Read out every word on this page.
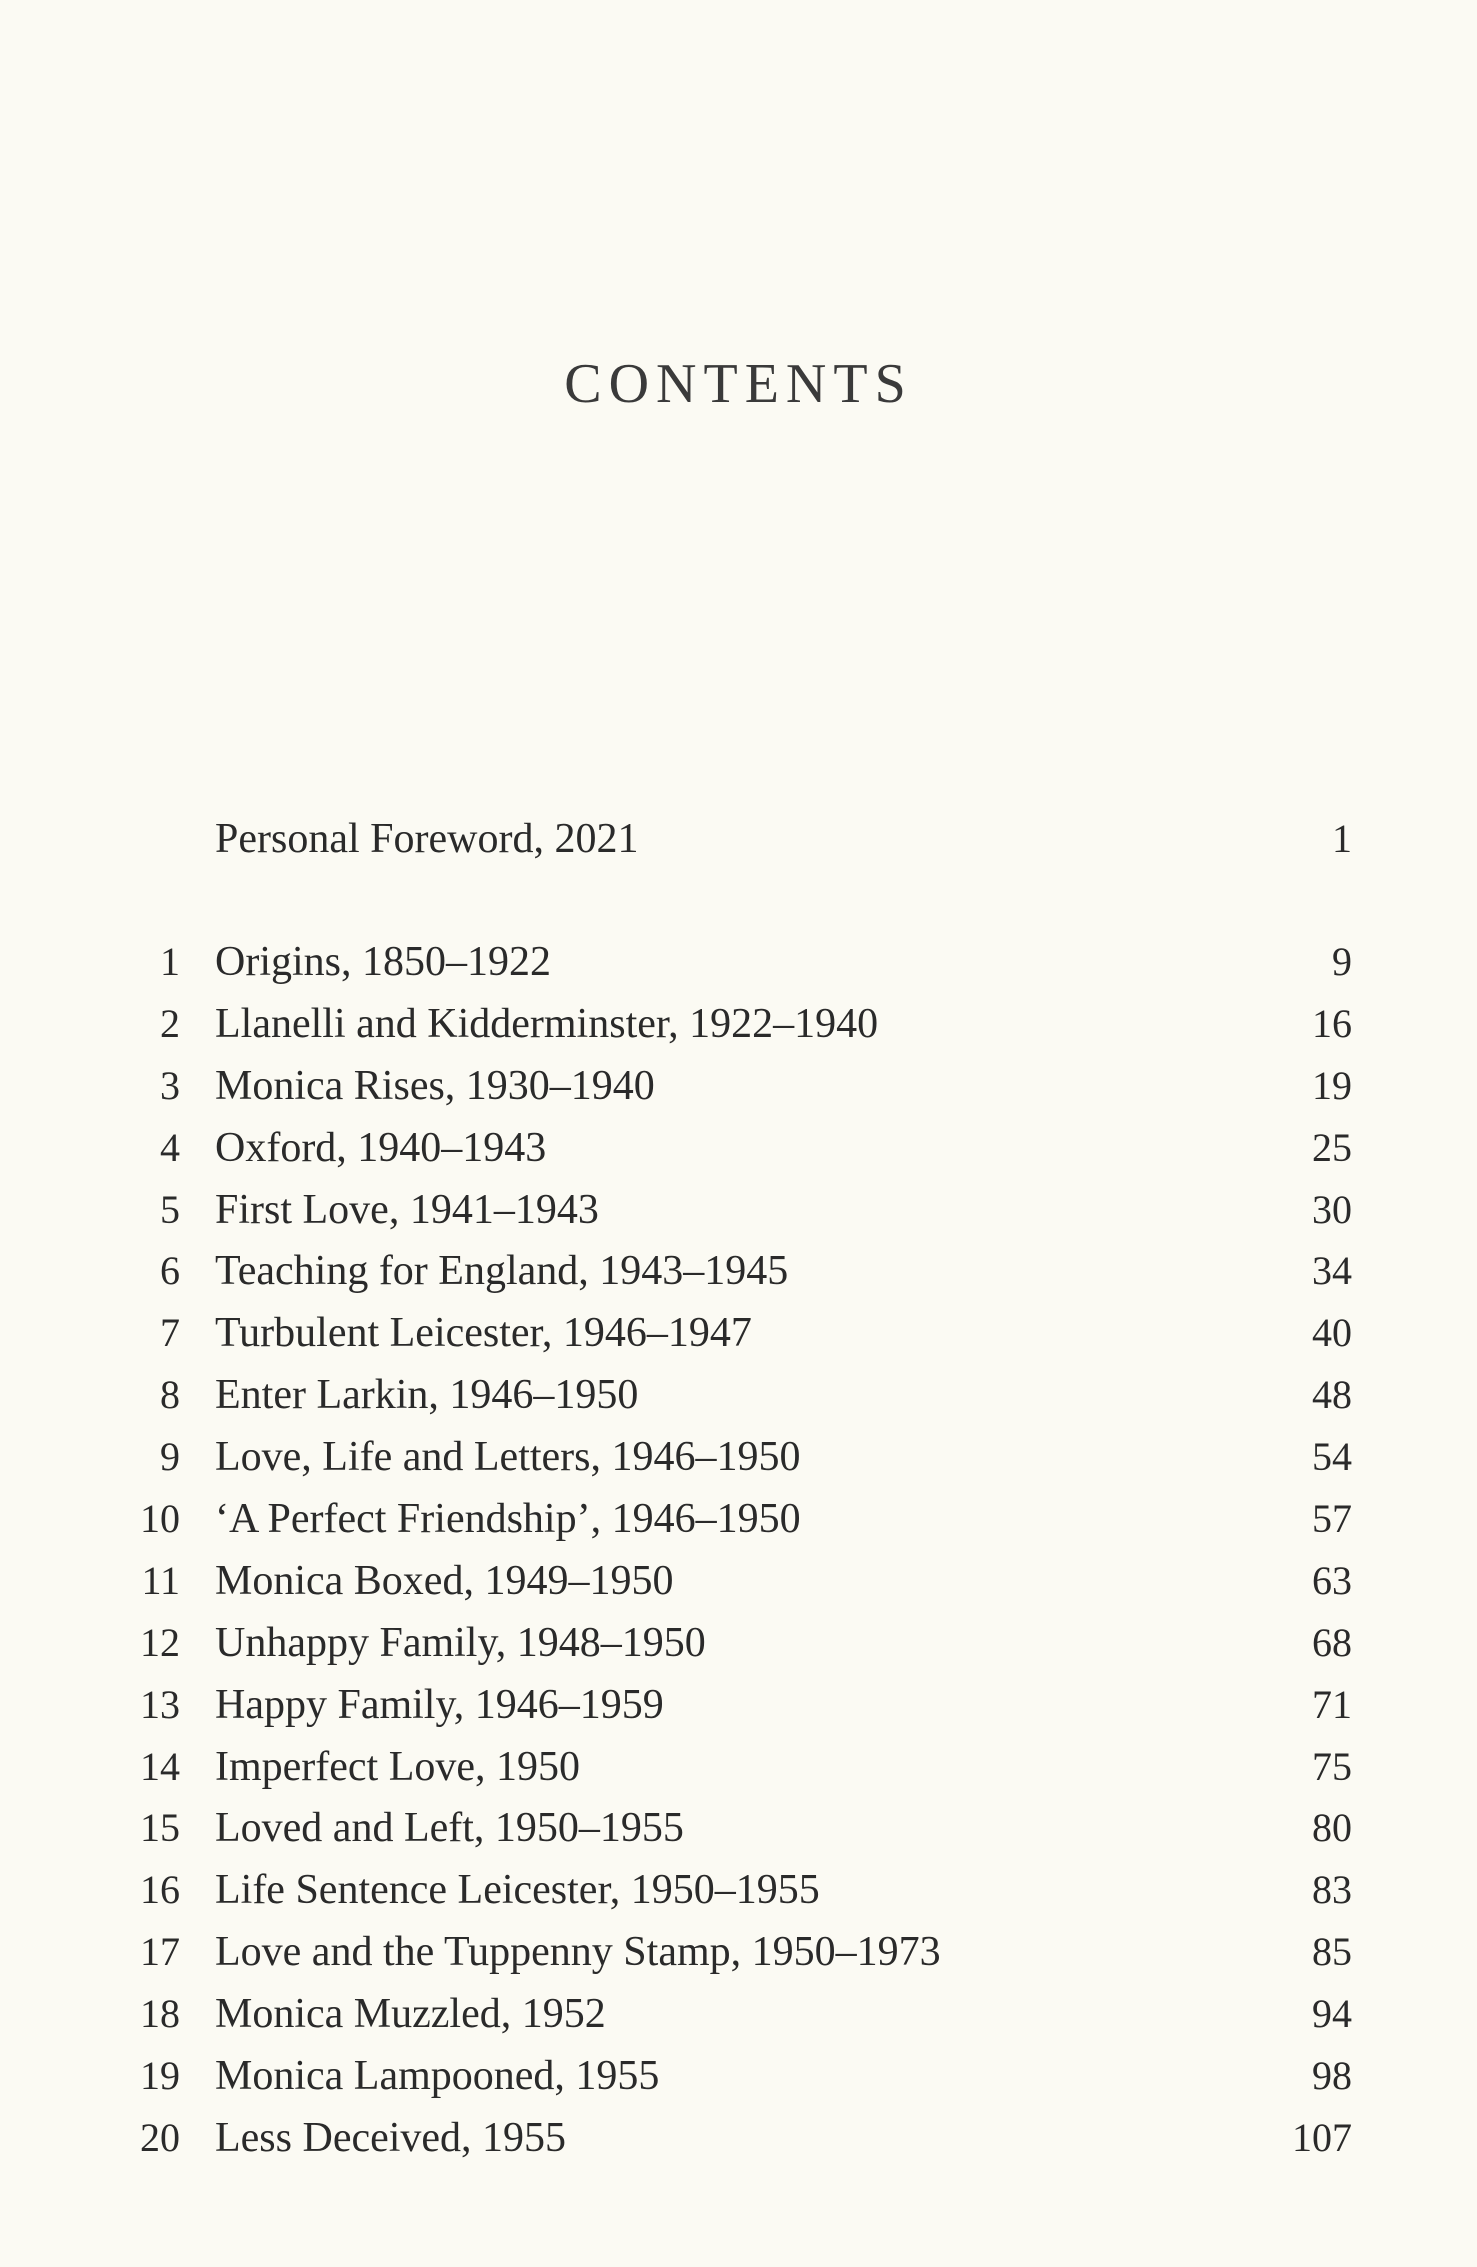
CONTENTS
Personal Foreword, 2021	1
1 Origins, 1850–1922	9
2 Llanelli and Kidderminster, 1922–1940	16
3 Monica Rises, 1930–1940	19
4 Oxford, 1940–1943	25
5 First Love, 1941–1943	30
6 Teaching for England, 1943–1945	34
7 Turbulent Leicester, 1946–1947	40
8 Enter Larkin, 1946–1950	48
9 Love, Life and Letters, 1946–1950	54
10 ‘A Perfect Friendship’, 1946–1950	57
11 Monica Boxed, 1949–1950	63
12 Unhappy Family, 1948–1950	68
13 Happy Family, 1946–1959	71
14 Imperfect Love, 1950	75
15 Loved and Left, 1950–1955	80
16 Life Sentence Leicester, 1950–1955	83
17 Love and the Tuppenny Stamp, 1950–1973	85
18 Monica Muzzled, 1952	94
19 Monica Lampooned, 1955	98
20 Less Deceived, 1955	107
